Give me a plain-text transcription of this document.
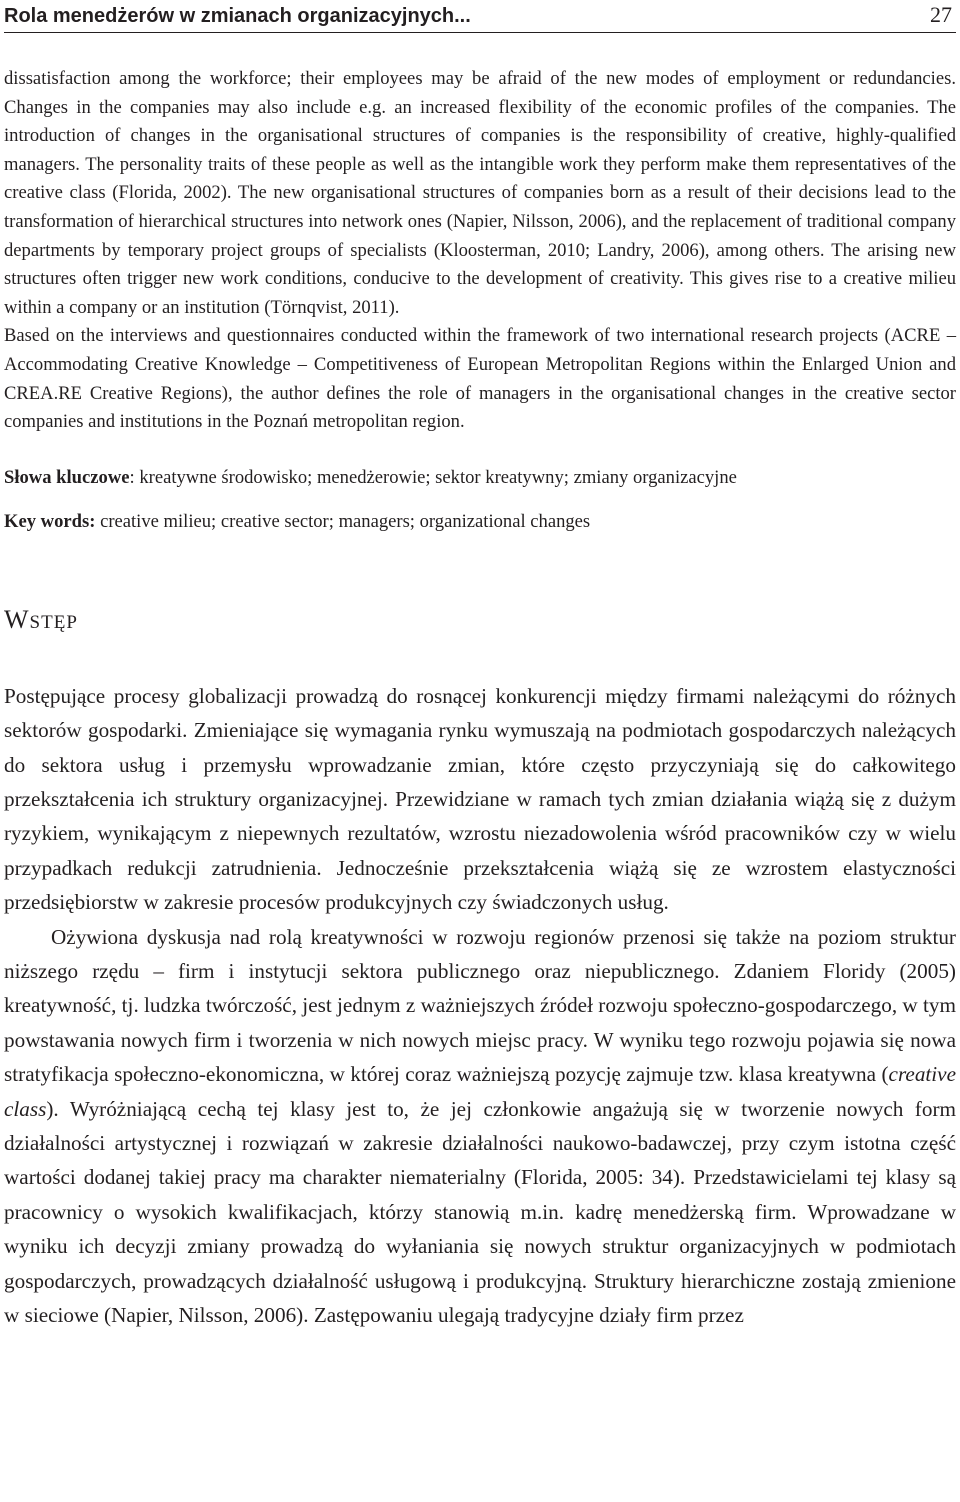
Rola menedżerów w zmianach organizacyjnych...	27

dissatisfaction among the workforce; their employees may be afraid of the new modes of employment or redundancies. Changes in the companies may also include e.g. an increased flexibility of the economic profiles of the companies. The introduction of changes in the organisational structures of companies is the responsibility of creative, highly-qualified managers. The personality traits of these people as well as the intangible work they perform make them representatives of the creative class (Florida, 2002). The new organisational structures of companies born as a result of their decisions lead to the transformation of hierarchical structures into network ones (Napier, Nilsson, 2006), and the replacement of traditional company departments by temporary project groups of specialists (Kloosterman, 2010; Landry, 2006), among others. The arising new structures often trigger new work conditions, conducive to the development of creativity. This gives rise to a creative milieu within a company or an institution (Törnqvist, 2011).

Based on the interviews and questionnaires conducted within the framework of two international research projects (ACRE – Accommodating Creative Knowledge – Competitiveness of European Metropolitan Regions within the Enlarged Union and CREA.RE Creative Regions), the author defines the role of managers in the organisational changes in the creative sector companies and institutions in the Poznań metropolitan region.

Słowa kluczowe: kreatywne środowisko; menedżerowie; sektor kreatywny; zmiany organizacyjne

Key words: creative milieu; creative sector; managers; organizational changes

WSTĘP

Postępujące procesy globalizacji prowadzą do rosnącej konkurencji między firmami należącymi do różnych sektorów gospodarki. Zmieniające się wymagania rynku wymuszają na podmiotach gospodarczych należących do sektora usług i przemysłu wprowadzanie zmian, które często przyczyniają się do całkowitego przekształcenia ich struktury organizacyjnej. Przewidziane w ramach tych zmian działania wiążą się z dużym ryzykiem, wynikającym z niepewnych rezultatów, wzrostu niezadowolenia wśród pracowników czy w wielu przypadkach redukcji zatrudnienia. Jednocześnie przekształcenia wiążą się ze wzrostem elastyczności przedsiębiorstw w zakresie procesów produkcyjnych czy świadczonych usług.

Ożywiona dyskusja nad rolą kreatywności w rozwoju regionów przenosi się także na poziom struktur niższego rzędu – firm i instytucji sektora publicznego oraz niepublicznego. Zdaniem Floridy (2005) kreatywność, tj. ludzka twórczość, jest jednym z ważniejszych źródeł rozwoju społeczno-gospodarczego, w tym powstawania nowych firm i tworzenia w nich nowych miejsc pracy. W wyniku tego rozwoju pojawia się nowa stratyfikacja społeczno-ekonomiczna, w której coraz ważniejszą pozycję zajmuje tzw. klasa kreatywna (creative class). Wyróżniającą cechą tej klasy jest to, że jej członkowie angażują się w tworzenie nowych form działalności artystycznej i rozwiązań w zakresie działalności naukowo-badawczej, przy czym istotna część wartości dodanej takiej pracy ma charakter niematerialny (Florida, 2005: 34). Przedstawicielami tej klasy są pracownicy o wysokich kwalifikacjach, którzy stanowią m.in. kadrę menedżerską firm. Wprowadzane w wyniku ich decyzji zmiany prowadzą do wyłaniania się nowych struktur organizacyjnych w podmiotach gospodarczych, prowadzących działalność usługową i produkcyjną. Struktury hierarchiczne zostają zmienione w sieciowe (Napier, Nilsson, 2006). Zastępowaniu ulegają tradycyjne działy firm przez
